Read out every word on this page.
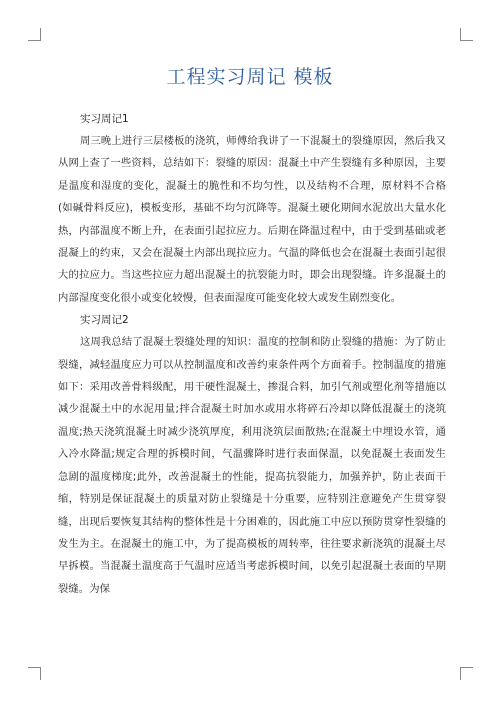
工程实习周记 模板

实习周记1

周三晚上进行三层楼板的浇筑，师傅给我讲了一下混凝土的裂缝原因，然后我又从网上查了一些资料，总结如下：裂缝的原因：混凝土中产生裂缝有多种原因，主要是温度和湿度的变化，混凝土的脆性和不均匀性，以及结构不合理，原材料不合格(如碱骨料反应)，模板变形，基础不均匀沉降等。混凝土硬化期间水泥放出大量水化热，内部温度不断上升，在表面引起拉应力。后期在降温过程中，由于受到基础或老混凝上的约束，又会在混凝土内部出现拉应力。气温的降低也会在混凝土表面引起很大的拉应力。当这些拉应力超出混凝土的抗裂能力时，即会出现裂缝。许多混凝土的内部湿度变化很小或变化较慢，但表面湿度可能变化较大或发生剧烈变化。

实习周记2

这周我总结了混凝土裂缝处理的知识：温度的控制和防止裂缝的措施：为了防止裂缝，减轻温度应力可以从控制温度和改善约束条件两个方面着手。控制温度的措施如下：采用改善骨料级配，用干硬性混凝土，掺混合料，加引气剂或塑化剂等措施以减少混凝土中的水泥用量;拌合混凝土时加水或用水将碎石冷却以降低混凝土的浇筑温度;热天浇筑混凝土时减少浇筑厚度，利用浇筑层面散热;在混凝土中埋设水管，通入冷水降温;规定合理的拆模时间，气温骤降时进行表面保温，以免混凝土表面发生急剧的温度梯度;此外，改善混凝土的性能，提高抗裂能力，加强养护，防止表面干缩，特别是保证混凝土的质量对防止裂缝是十分重要，应特别注意避免产生贯穿裂缝，出现后要恢复其结构的整体性是十分困难的，因此施工中应以预防贯穿性裂缝的发生为主。在混凝土的施工中，为了提高模板的周转率，往往要求新浇筑的混凝土尽早拆模。当混凝土温度高于气温时应适当考虑拆模时间，以免引起混凝土表面的早期裂缝。为保
